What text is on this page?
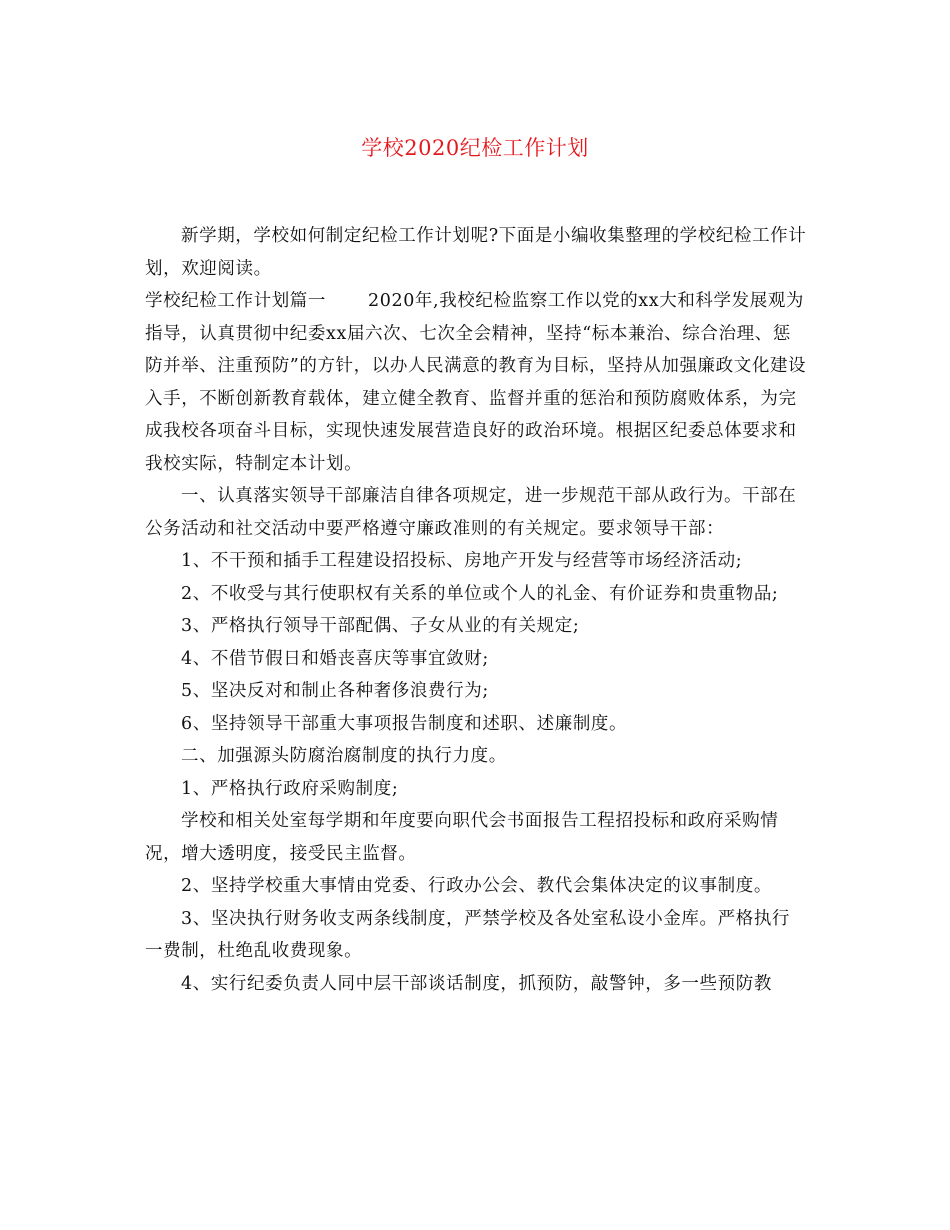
学校2020纪检工作计划

新学期，学校如何制定纪检工作计划呢?下面是小编收集整理的学校纪检工作计划，欢迎阅读。

学校纪检工作计划篇一 2020年,我校纪检监察工作以党的xx大和科学发展观为指导，认真贯彻中纪委xx届六次、七次全会精神，坚持“标本兼治、综合治理、惩防并举、注重预防”的方针，以办人民满意的教育为目标，坚持从加强廉政文化建设入手，不断创新教育载体，建立健全教育、监督并重的惩治和预防腐败体系，为完成我校各项奋斗目标，实现快速发展营造良好的政治环境。根据区纪委总体要求和我校实际，特制定本计划。

一、认真落实领导干部廉洁自律各项规定，进一步规范干部从政行为。干部在公务活动和社交活动中要严格遵守廉政准则的有关规定。要求领导干部：

1、不干预和插手工程建设招投标、房地产开发与经营等市场经济活动;

2、不收受与其行使职权有关系的单位或个人的礼金、有价证券和贵重物品;

3、严格执行领导干部配偶、子女从业的有关规定;

4、不借节假日和婚丧喜庆等事宜敛财;

5、坚决反对和制止各种奢侈浪费行为;

6、坚持领导干部重大事项报告制度和述职、述廉制度。

二、加强源头防腐治腐制度的执行力度。

1、严格执行政府采购制度;

学校和相关处室每学期和年度要向职代会书面报告工程招投标和政府采购情况，增大透明度，接受民主监督。

2、坚持学校重大事情由党委、行政办公会、教代会集体决定的议事制度。

3、坚决执行财务收支两条线制度，严禁学校及各处室私设小金库。严格执行一费制，杜绝乱收费现象。

4、实行纪委负责人同中层干部谈话制度，抓预防，敲警钟，多一些预防教
